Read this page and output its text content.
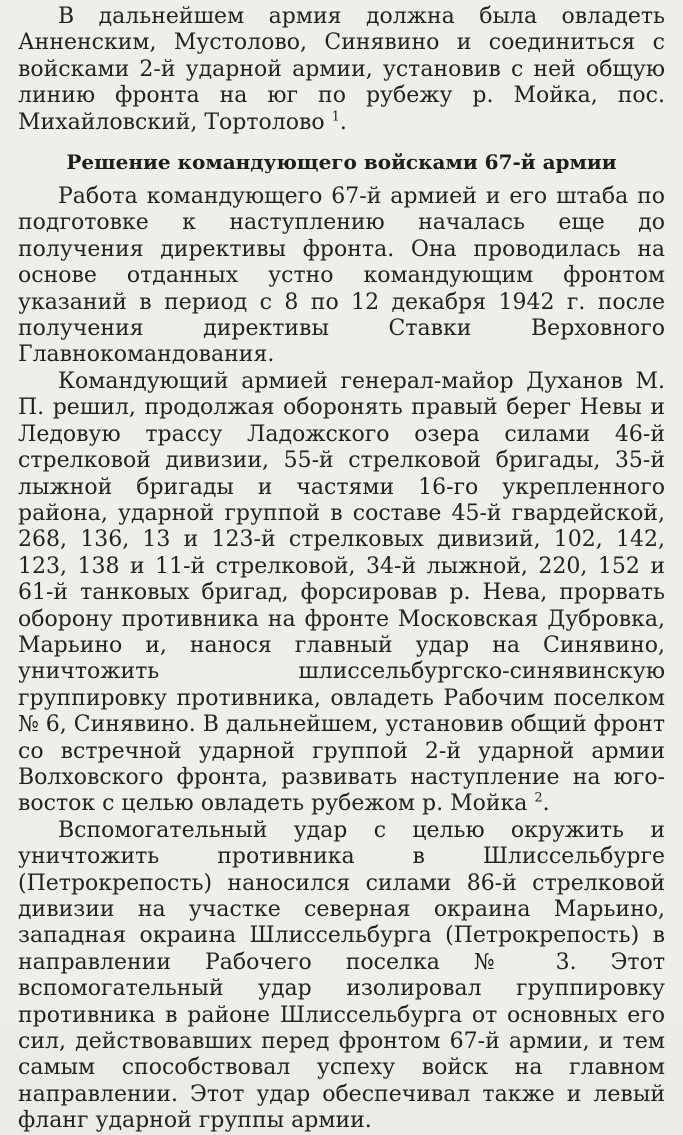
В дальнейшем армия должна была овладеть Анненским, Мустолово, Синявино и соединиться с войсками 2-й ударной армии, установив с ней общую линию фронта на юг по рубежу р. Мойка, пос. Михайловский, Тортолово $^1$.

Решение командующего войсками 67-й армии

Работа командующего 67-й армией и его штаба по подготовке к наступлению началась еще до получения директивы фронта. Она проводилась на основе отданных устно командующим фронтом указаний в период с 8 по 12 декабря 1942 г. после получения директивы Ставки Верховного Главнокомандования.

Командующий армией генерал-майор Духанов М. П. решил, продолжая оборонять правый берег Невы и Ледовую трассу Ладожского озера силами 46-й стрелковой дивизии, 55-й стрелковой бригады, 35-й лыжной бригады и частями 16-го укрепленного района, ударной группой в составе 45-й гвардейской, 268, 136, 13 и 123-й стрелковых дивизий, 102, 142, 123, 138 и 11-й стрелковой, 34-й лыжной, 220, 152 и 61-й танковых бригад, форсировав р. Нева, прорвать оборону противника на фронте Московская Дубровка, Марьино и, нанося главный удар на Синявино, уничтожить шлиссельбургско-синявинскую группировку противника, овладеть Рабочим поселком № 6, Синявино. В дальнейшем, установив общий фронт со встречной ударной группой 2-й ударной армии Волховского фронта, развивать наступление на юго-восток с целью овладеть рубежом р. Мойка $^2$.

Вспомогательный удар с целью окружить и уничтожить противника в Шлиссельбурге (Петрокрепость) наносился силами 86-й стрелковой дивизии на участке северная окраина Марьино, западная окраина Шлиссельбурга (Петрокрепость) в направлении Рабочего поселка № 3. Этот вспомогательный удар изолировал группировку противника в районе Шлиссельбурга от основных его сил, действовавших перед фронтом 67-й армии, и тем самым способствовал успеху войск на главном направлении. Этот удар обеспечивал также и левый фланг ударной группы армии.
